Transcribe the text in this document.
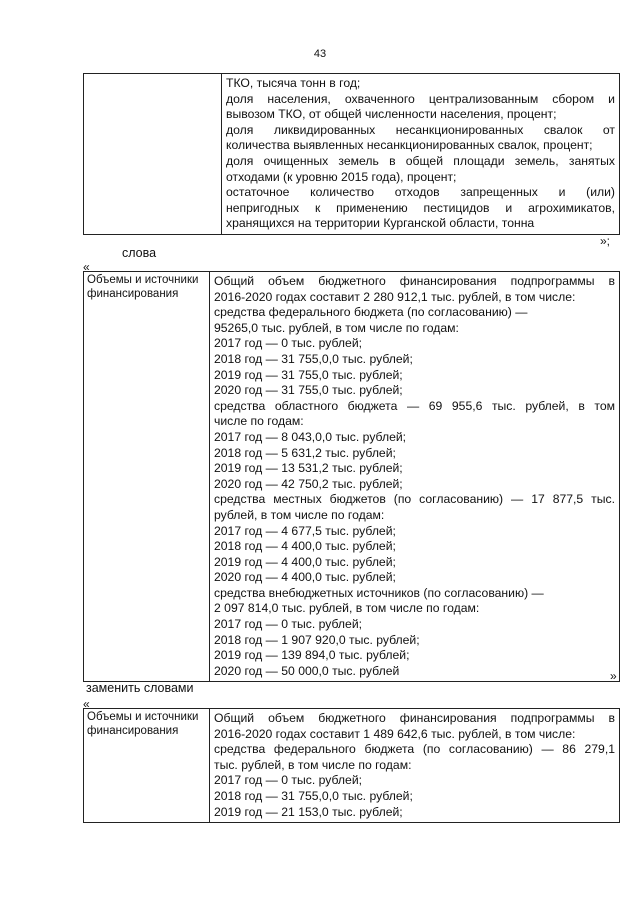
43

ТКО, тысяча тонн в год;
доля населения, охваченного централизованным сбором и
вывозом ТКО, от общей численности населения, процент;
доля ликвидированных несанкционированных свалок от
количества выявленных несанкционированных свалок, процент;
доля очищенных земель в общей площади земель, занятых
отходами (к уровню 2015 года), процент;
остаточное количество отходов запрещенных и (или)
непригодных к применению пестицидов и агрохимикатов,
хранящихся на территории Курганской области, тонна
»;
слова
«
Объемы и источники финансирования	
Общий объем бюджетного финансирования подпрограммы в
2016-2020 годах составит 2 280 912,1 тыс. рублей, в том числе:
средства федерального бюджета (по согласованию) —
95265,0 тыс. рублей, в том числе по годам:
2017 год — 0 тыс. рублей;
2018 год — 31 755,0,0 тыс. рублей;
2019 год — 31 755,0 тыс. рублей;
2020 год — 31 755,0 тыс. рублей;
средства областного бюджета — 69 955,6 тыс. рублей, в том
числе по годам:
2017 год — 8 043,0,0 тыс. рублей;
2018 год — 5 631,2 тыс. рублей;
2019 год — 13 531,2 тыс. рублей;
2020 год — 42 750,2 тыс. рублей;
средства местных бюджетов (по согласованию) — 17 877,5 тыс.
рублей, в том числе по годам:
2017 год — 4 677,5 тыс. рублей;
2018 год — 4 400,0 тыс. рублей;
2019 год — 4 400,0 тыс. рублей;
2020 год — 4 400,0 тыс. рублей;
средства внебюджетных источников (по согласованию) —
2 097 814,0 тыс. рублей, в том числе по годам:
2017 год — 0 тыс. рублей;
2018 год — 1 907 920,0 тыс. рублей;
2019 год — 139 894,0 тыс. рублей;
2020 год — 50 000,0 тыс. рублей	»
заменить словами
«
Объемы и источники финансирования	
Общий объем бюджетного финансирования подпрограммы в
2016-2020 годах составит 1 489 642,6 тыс. рублей, в том числе:
средства федерального бюджета (по согласованию) — 86 279,1
тыс. рублей, в том числе по годам:
2017 год — 0 тыс. рублей;
2018 год — 31 755,0,0 тыс. рублей;
2019 год — 21 153,0 тыс. рублей;
